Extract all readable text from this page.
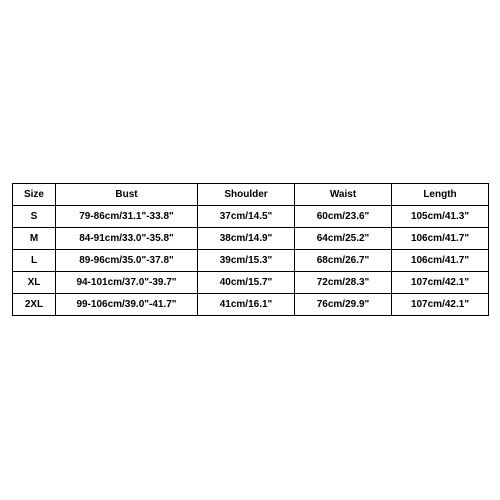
Size	Bust	Shoulder	Waist	Length
S	79-86cm/31.1"-33.8"	37cm/14.5"	60cm/23.6"	105cm/41.3"
M	84-91cm/33.0"-35.8"	38cm/14.9"	64cm/25.2"	106cm/41.7"
L	89-96cm/35.0"-37.8"	39cm/15.3"	68cm/26.7"	106cm/41.7"
XL	94-101cm/37.0"-39.7"	40cm/15.7"	72cm/28.3"	107cm/42.1"
2XL	99-106cm/39.0"-41.7"	41cm/16.1"	76cm/29.9"	107cm/42.1"
